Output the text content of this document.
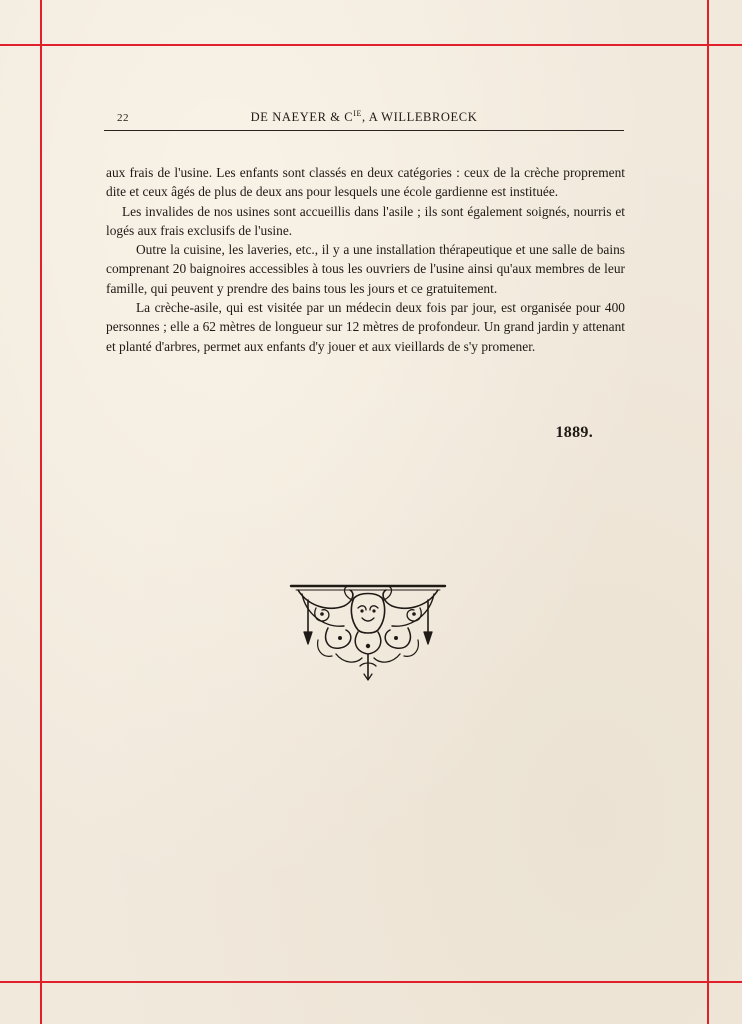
22	DE NAEYER & $C^{IE}$, A WILLEBROECK

aux frais de l'usine. Les enfants sont classés en deux catégories : ceux de la crèche proprement dite et ceux âgés de plus de deux ans pour lesquels une école gardienne est instituée.

Les invalides de nos usines sont accueillis dans l'asile ; ils sont également soignés, nourris et logés aux frais exclusifs de l'usine.

Outre la cuisine, les laveries, etc., il y a une installation thérapeutique et une salle de bains comprenant 20 baignoires accessibles à tous les ouvriers de l'usine ainsi qu'aux membres de leur famille, qui peuvent y prendre des bains tous les jours et ce gratuitement.

La crèche-asile, qui est visitée par un médecin deux fois par jour, est organisée pour 400 personnes ; elle a 62 mètres de longueur sur 12 mètres de profondeur. Un grand jardin y attenant et planté d'arbres, permet aux enfants d'y jouer et aux vieillards de s'y promener.

1889.
